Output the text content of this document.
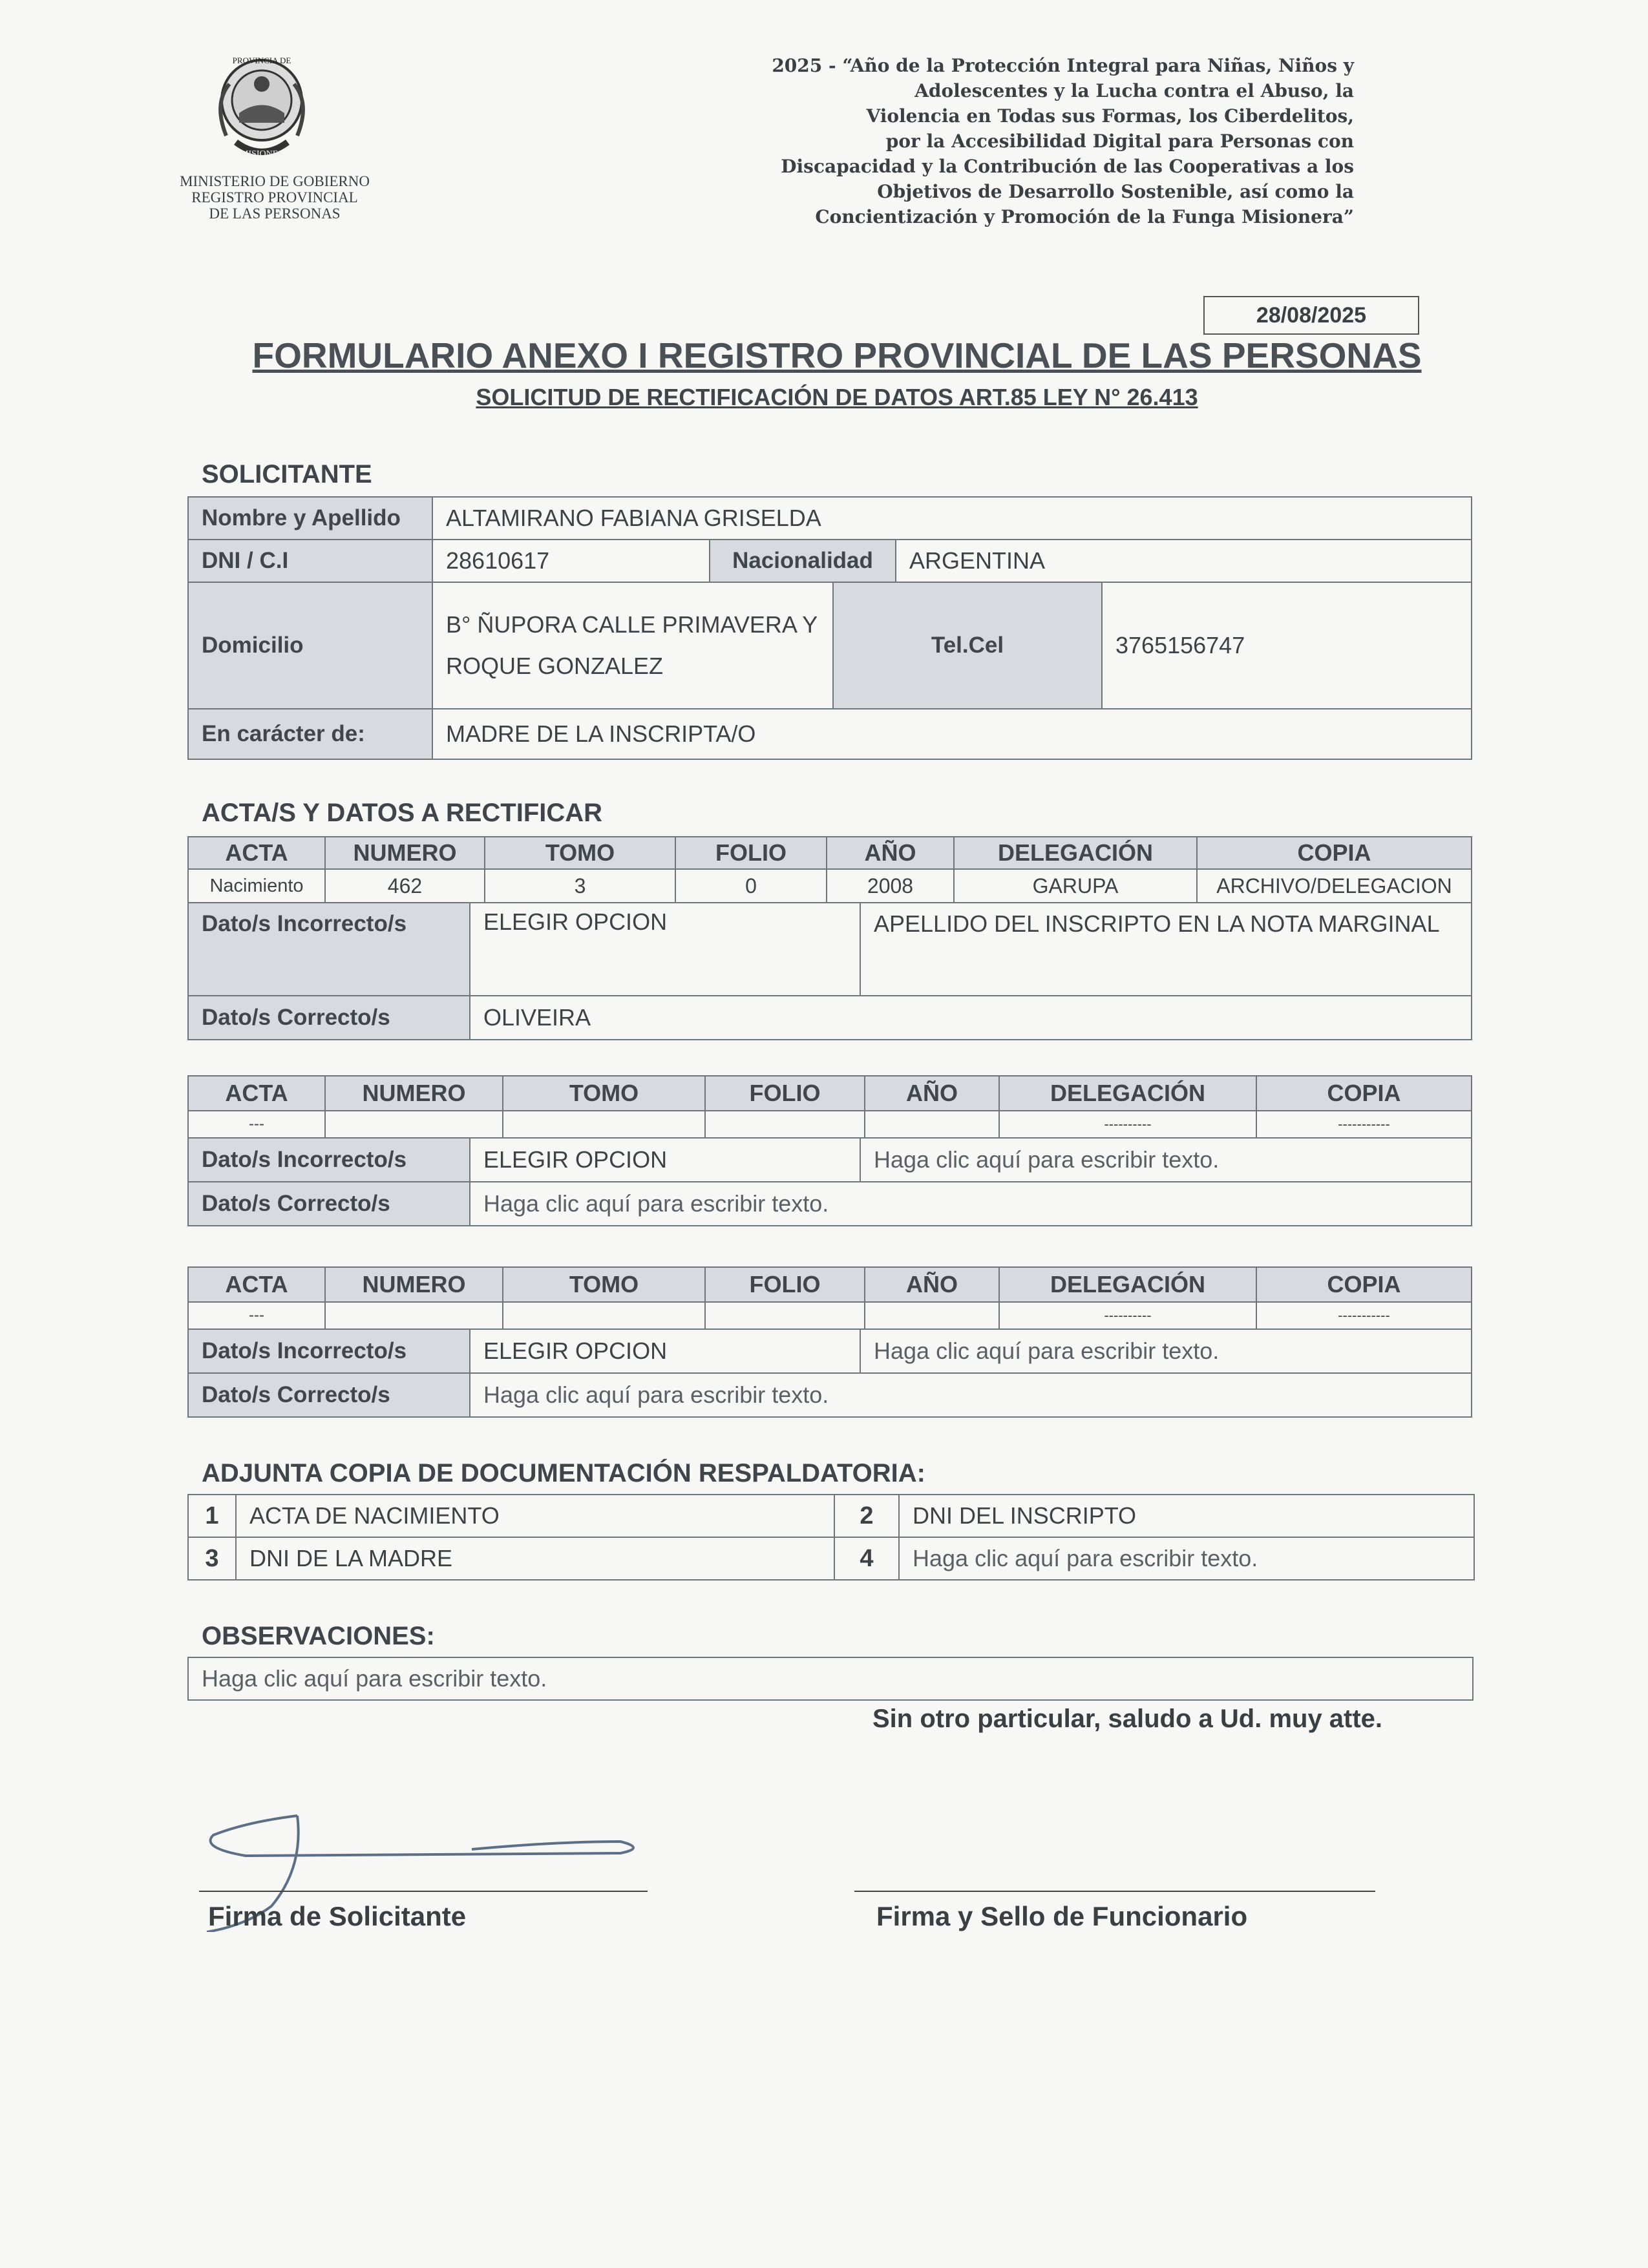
PROVINCIA DE
MISIONES
MINISTERIO DE GOBIERNO
REGISTRO PROVINCIAL
DE LAS PERSONAS
2025 - “Año de la Protección Integral para Niñas, Niños y
Adolescentes y la Lucha contra el Abuso, la
Violencia en Todas sus Formas, los Ciberdelitos,
por la Accesibilidad Digital para Personas con
Discapacidad y la Contribución de las Cooperativas a los
Objetivos de Desarrollo Sostenible, así como la
Concientización y Promoción de la Funga Misionera”
28/08/2025
FORMULARIO ANEXO I REGISTRO PROVINCIAL DE LAS PERSONAS
SOLICITUD DE RECTIFICACIÓN DE DATOS ART.85 LEY N° 26.413
SOLICITANTE
Nombre y Apellido	ALTAMIRANO FABIANA GRISELDA				
DNI / C.I	28610617	Nacionalidad		ARGENTINA	
Domicilio	B° ÑUPORA CALLE PRIMAVERA Y ROQUE GONZALEZ		Tel.Cel		3765156747
En carácter de:	MADRE DE LA INSCRIPTA/O				
ACTA/S Y DATOS A RECTIFICAR
ACTA	NUMERO	TOMO	FOLIO	AÑO	DELEGACIÓN	COPIA
Nacimiento	462	3	0	2008	GARUPA	ARCHIVO/DELEGACION
Dato/s Incorrecto/s	ELEGIR OPCION	APELLIDO DEL INSCRIPTO EN LA NOTA MARGINAL
Dato/s Correcto/s	OLIVEIRA	
ACTA	NUMERO	TOMO	FOLIO	AÑO	DELEGACIÓN	COPIA
---					----------	-----------
Dato/s Incorrecto/s	ELEGIR OPCION	Haga clic aquí para escribir texto.
Dato/s Correcto/s	Haga clic aquí para escribir texto.	
ACTA	NUMERO	TOMO	FOLIO	AÑO	DELEGACIÓN	COPIA
---					----------	-----------
Dato/s Incorrecto/s	ELEGIR OPCION	Haga clic aquí para escribir texto.
Dato/s Correcto/s	Haga clic aquí para escribir texto.	
ADJUNTA COPIA DE DOCUMENTACIÓN RESPALDATORIA:
1	ACTA DE NACIMIENTO	2	DNI DEL INSCRIPTO
3	DNI DE LA MADRE	4	Haga clic aquí para escribir texto.
OBSERVACIONES:
Haga clic aquí para escribir texto.
Sin otro particular, saludo a Ud. muy atte.
Firma de Solicitante	Firma y Sello de Funcionario
